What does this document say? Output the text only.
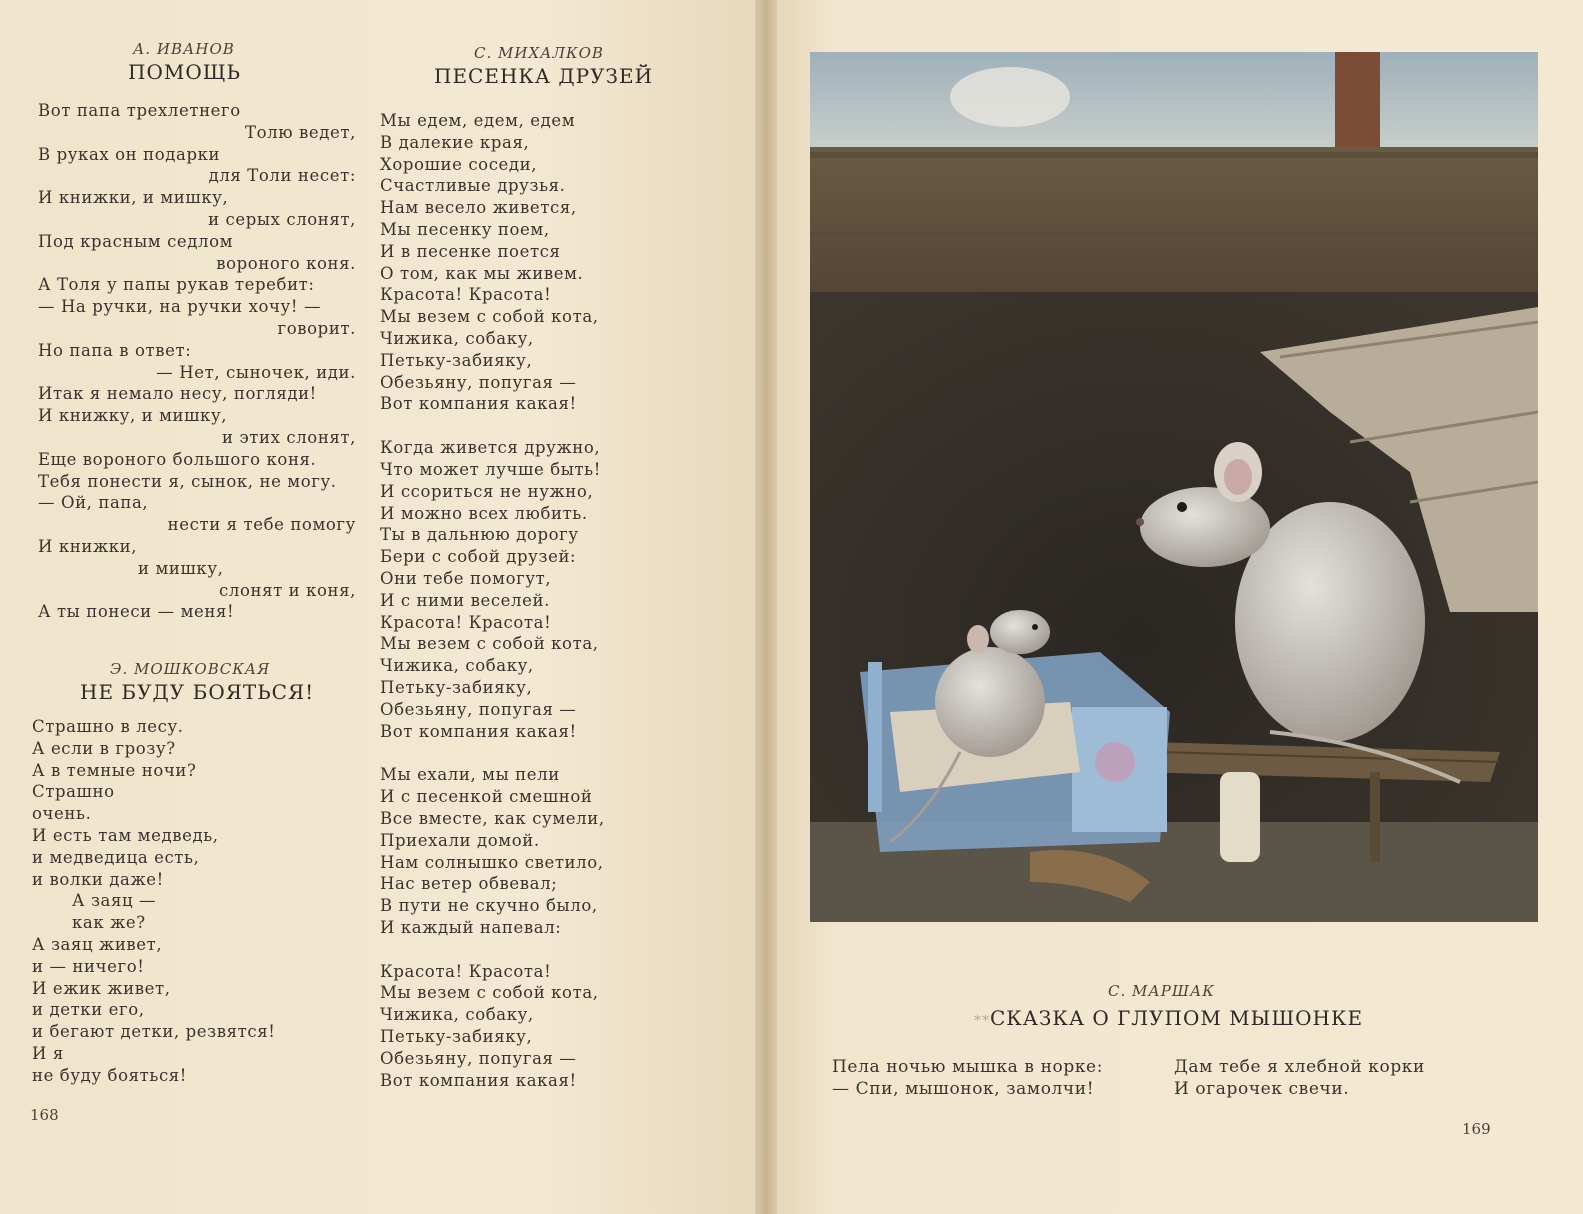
А. ИВАНОВ
ПОМОЩЬ
Вот папа трехлетнего
Толю ведет,
В руках он подарки
для Толи несет:
И книжки, и мишку,
и серых слонят,
Под красным седлом
вороного коня.
А Толя у папы рукав теребит:
— На ручки, на ручки хочу! —
говорит.
Но папа в ответ:
— Нет, сыночек, иди.
Итак я немало несу, погляди!
И книжку, и мишку,
и этих слонят,
Еще вороного большого коня.
Тебя понести я, сынок, не могу.
— Ой, папа,
нести я тебе помогу
И книжки,
и мишку,
слонят и коня,
А ты понеси — меня!
Э. МОШКОВСКАЯ
НЕ БУДУ БОЯТЬСЯ!
Страшно в лесу.
А если в грозу?
А в темные ночи?
Страшно
очень.
И есть там медведь,
и медведица есть,
и волки даже!
А заяц —
как же?
А заяц живет,
и — ничего!
И ежик живет,
и детки его,
и бегают детки, резвятся!
И я
не буду бояться!
С. МИХАЛКОВ
ПЕСЕНКА ДРУЗЕЙ
Мы едем, едем, едем
В далекие края,
Хорошие соседи,
Счастливые друзья.
Нам весело живется,
Мы песенку поем,
И в песенке поется
О том, как мы живем.
Красота! Красота!
Мы везем с собой кота,
Чижика, собаку,
Петьку-забияку,
Обезьяну, попугая —
Вот компания какая!
Когда живется дружно,
Что может лучше быть!
И ссориться не нужно,
И можно всех любить.
Ты в дальнюю дорогу
Бери с собой друзей:
Они тебе помогут,
И с ними веселей.
Красота! Красота!
Мы везем с собой кота,
Чижика, собаку,
Петьку-забияку,
Обезьяну, попугая —
Вот компания какая!
Мы ехали, мы пели
И с песенкой смешной
Все вместе, как сумели,
Приехали домой.
Нам солнышко светило,
Нас ветер обвевал;
В пути не скучно было,
И каждый напевал:
Красота! Красота!
Мы везем с собой кота,
Чижика, собаку,
Петьку-забияку,
Обезьяну, попугая —
Вот компания какая!
168
С. МАРШАК
**СКАЗКА О ГЛУПОМ МЫШОНКЕ
Пела ночью мышка в норке:
— Спи, мышонок, замолчи!
Дам тебе я хлебной корки
И огарочек свечи.
169
